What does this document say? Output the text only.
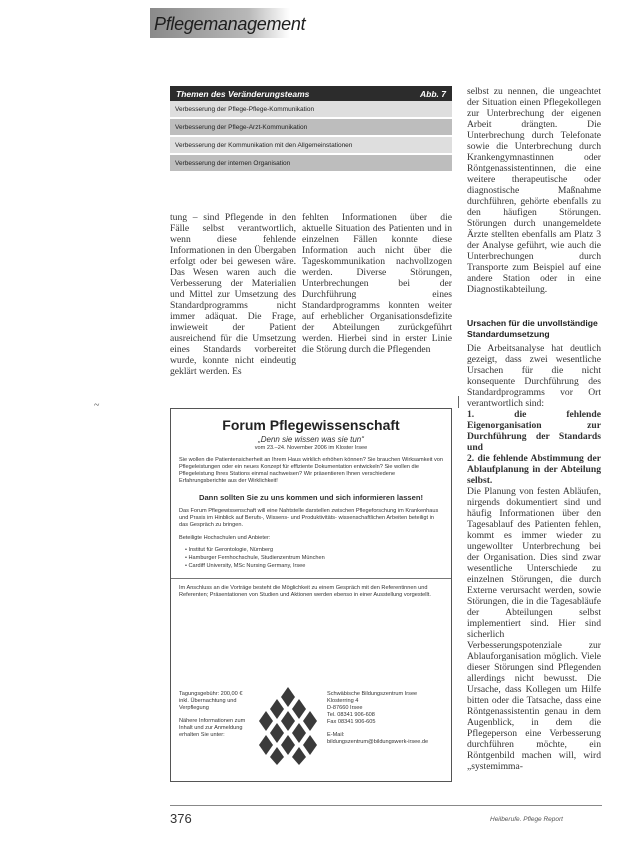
Pflegemanagement
Themen des Veränderungsteams	Abb. 7
Verbesserung der Pflege-Pflege-Kommunikation
Verbesserung der Pflege-Arzt-Kommunikation
Verbesserung der Kommunikation mit den Allgemeinstationen
Verbesserung der internen Organisation

tung – sind Pflegende in den Fälle selbst verantwortlich, wenn diese fehlende Informationen in den Übergaben erfolgt oder bei gewesen wäre. Das Wesen waren auch die Verbesserung der Materialien und Mittel zur Umsetzung des Standardprogramms nicht immer adäquat. Die Frage, inwieweit der Patient ausreichend für die Umsetzung eines Standards vorbereitet wurde, konnte nicht eindeutig geklärt werden. Es

fehlten Informationen über die aktuelle Situation des Patienten und in einzelnen Fällen konnte diese Information auch nicht über die Tageskommunikation nachvollzogen werden. Diverse Störungen, Unterbrechungen bei der Durchführung eines Standardprogramms konnten weiter auf erheblicher Organisationsdefizite der Abteilungen zurückgeführt werden. Hierbei sind in erster Linie die Störung durch die Pflegenden

selbst zu nennen, die ungeachtet der Situation einen Pflegekollegen zur Unterbrechung der eigenen Arbeit drängten. Die Unterbrechung durch Telefonate sowie die Unterbrechung durch Krankengymnastinnen oder Röntgenassistentinnen, die eine weitere therapeutische oder diagnostische Maßnahme durchführen, gehörte ebenfalls zu den häufigen Störungen. Störungen durch unangemeldete Ärzte stellten ebenfalls am Platz 3 der Analyse geführt, wie auch die Unterbrechungen durch Transporte zum Beispiel auf eine andere Station oder in eine Diagnostikabteilung.

Ursachen für die unvollständige Standardumsetzung

Die Arbeitsanalyse hat deutlich gezeigt, dass zwei wesentliche Ursachen für die nicht konsequente Durchführung des Standardprogramms vor Ort verantwortlich sind:

1. die fehlende Eigenorganisation zur Durchführung der Standards und

2. die fehlende Abstimmung der Ablaufplanung in der Abteilung selbst.

Die Planung von festen Abläufen, nirgends dokumentiert sind und häufig Informationen über den Tagesablauf des Patienten fehlen, kommt es immer wieder zu ungewollter Unterbrechung bei der Organisation. Dies sind zwar wesentliche Unterschiede zu einzelnen Störungen, die durch Externe verursacht werden, sowie Störungen, die in die Tagesabläufe der Abteilungen selbst implementiert sind. Hier sind sicherlich Verbesserungspotenziale zur Ablauforganisation möglich. Viele dieser Störungen sind Pflegenden allerdings nicht bewusst. Die Ursache, dass Kollegen um Hilfe bitten oder die Tatsache, dass eine Röntgenassistentin genau in dem Augenblick, in dem die Pflegeperson eine Verbesserung durchführen möchte, ein Röntgenbild machen will, wird „systemimma-

~
Forum Pflegewissenschaft
„Denn sie wissen was sie tun“
vom 23.–24. November 2006 im Kloster Irsee
Sie wollen die Patientensicherheit an Ihrem Haus wirklich erhöhen können? Sie brauchen Wirksamkeit von Pflegeleistungen oder ein neues Konzept für effiziente Dokumentation entwickeln? Sie wollen die Pflegeleistung Ihres Stations einmal nachweisen? Wir präsentieren Ihnen verschiedene Erfahrungsberichte aus der Wirklichkeit!
Dann sollten Sie zu uns kommen und sich informieren lassen!
Das Forum Pflegewissenschaft will eine Nahtstelle darstellen zwischen Pflegeforschung im Krankenhaus und Praxis im Hinblick auf Berufs-, Wissens- und Produktivitäts- wissenschaftlichen Arbeiten beteiligt in das Gespräch zu bringen.
Beteiligte Hochschulen und Anbieter:
• Institut für Gerontologie, Nürnberg
• Hamburger Fernhochschule, Studienzentrum München
• Cardiff University, MSc Nursing Germany, Irsee
Im Anschluss an die Vorträge besteht die Möglichkeit zu einem Gespräch mit den Referentinnen und Referenten; Präsentationen von Studien und Aktionen werden ebenso in einer Ausstellung vorgestellt.
Tagungsgebühr: 200,00 €
inkl. Übernachtung und Verpflegung
Nähere Informationen zum Inhalt und zur Anmeldung erhalten Sie unter:
Schwäbische Bildungszentrum Irsee
Klosterring 4
D-87660 Irsee
Tel. 08341 906-608
Fax 08341 906-605
E-Mail:
bildungszentrum@bildungswerk-irsee.de
376	Heilberufe. Pflege Report
